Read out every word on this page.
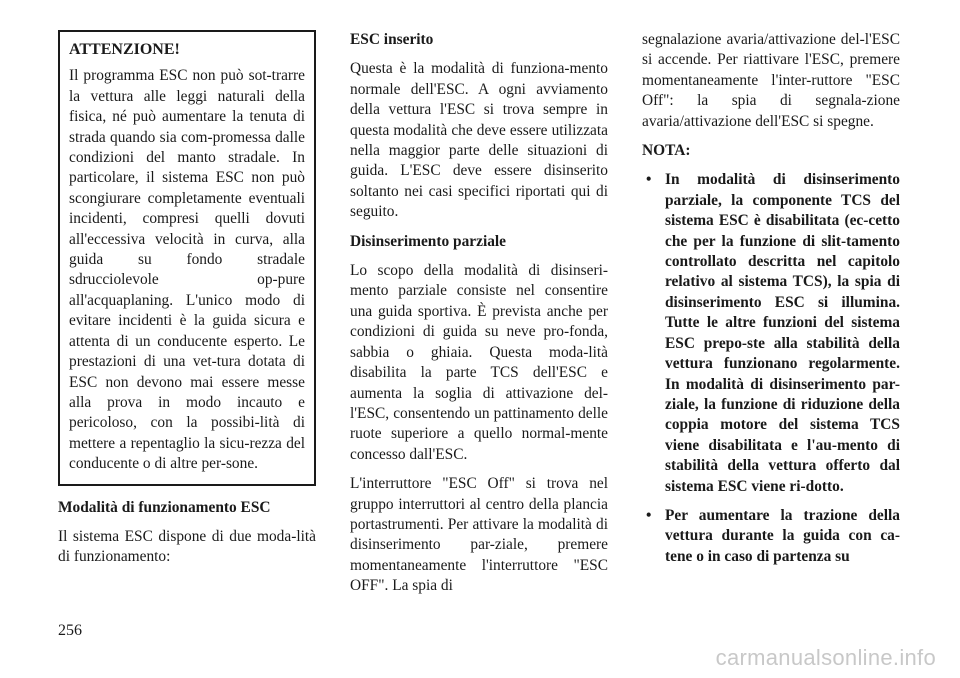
ATTENZIONE!

Il programma ESC non può sot-trarre la vettura alle leggi naturali della fisica, né può aumentare la tenuta di strada quando sia com-promessa dalle condizioni del manto stradale. In particolare, il sistema ESC non può scongiurare completamente eventuali incidenti, compresi quelli dovuti all'eccessiva velocità in curva, alla guida su fondo stradale sdrucciolevole op-pure all'acquaplaning. L'unico modo di evitare incidenti è la guida sicura e attenta di un conducente esperto. Le prestazioni di una vet-tura dotata di ESC non devono mai essere messe alla prova in modo incauto e pericoloso, con la possibi-lità di mettere a repentaglio la sicu-rezza del conducente o di altre per-sone.

Modalità di funzionamento ESC

Il sistema ESC dispone di due moda-lità di funzionamento:

ESC inserito

Questa è la modalità di funziona-mento normale dell'ESC. A ogni avviamento della vettura l'ESC si trova sempre in questa modalità che deve essere utilizzata nella maggior parte delle situazioni di guida. L'ESC deve essere disinserito soltanto nei casi specifici riportati qui di seguito.

Disinserimento parziale

Lo scopo della modalità di disinseri-mento parziale consiste nel consentire una guida sportiva. È prevista anche per condizioni di guida su neve pro-fonda, sabbia o ghiaia. Questa moda-lità disabilita la parte TCS dell'ESC e aumenta la soglia di attivazione del-l'ESC, consentendo un pattinamento delle ruote superiore a quello normal-mente concesso dall'ESC.

L'interruttore "ESC Off" si trova nel gruppo interruttori al centro della plancia portastrumenti. Per attivare la modalità di disinserimento par-ziale, premere momentaneamente l'interruttore "ESC OFF". La spia di

segnalazione avaria/attivazione del-l'ESC si accende. Per riattivare l'ESC, premere momentaneamente l'inter-ruttore "ESC Off": la spia di segnala-zione avaria/attivazione dell'ESC si spegne.

NOTA:
• In modalità di disinserimento parziale, la componente TCS del sistema ESC è disabilitata (ec-cetto che per la funzione di slit-tamento controllato descritta nel capitolo relativo al sistema TCS), la spia di disinserimento ESC si illumina. Tutte le altre funzioni del sistema ESC prepo-ste alla stabilità della vettura funzionano regolarmente. In modalità di disinserimento par-ziale, la funzione di riduzione della coppia motore del sistema TCS viene disabilitata e l'au-mento di stabilità della vettura offerto dal sistema ESC viene ri-dotto.
• Per aumentare la trazione della vettura durante la guida con ca-tene o in caso di partenza su
256
carmanualsonline.info
